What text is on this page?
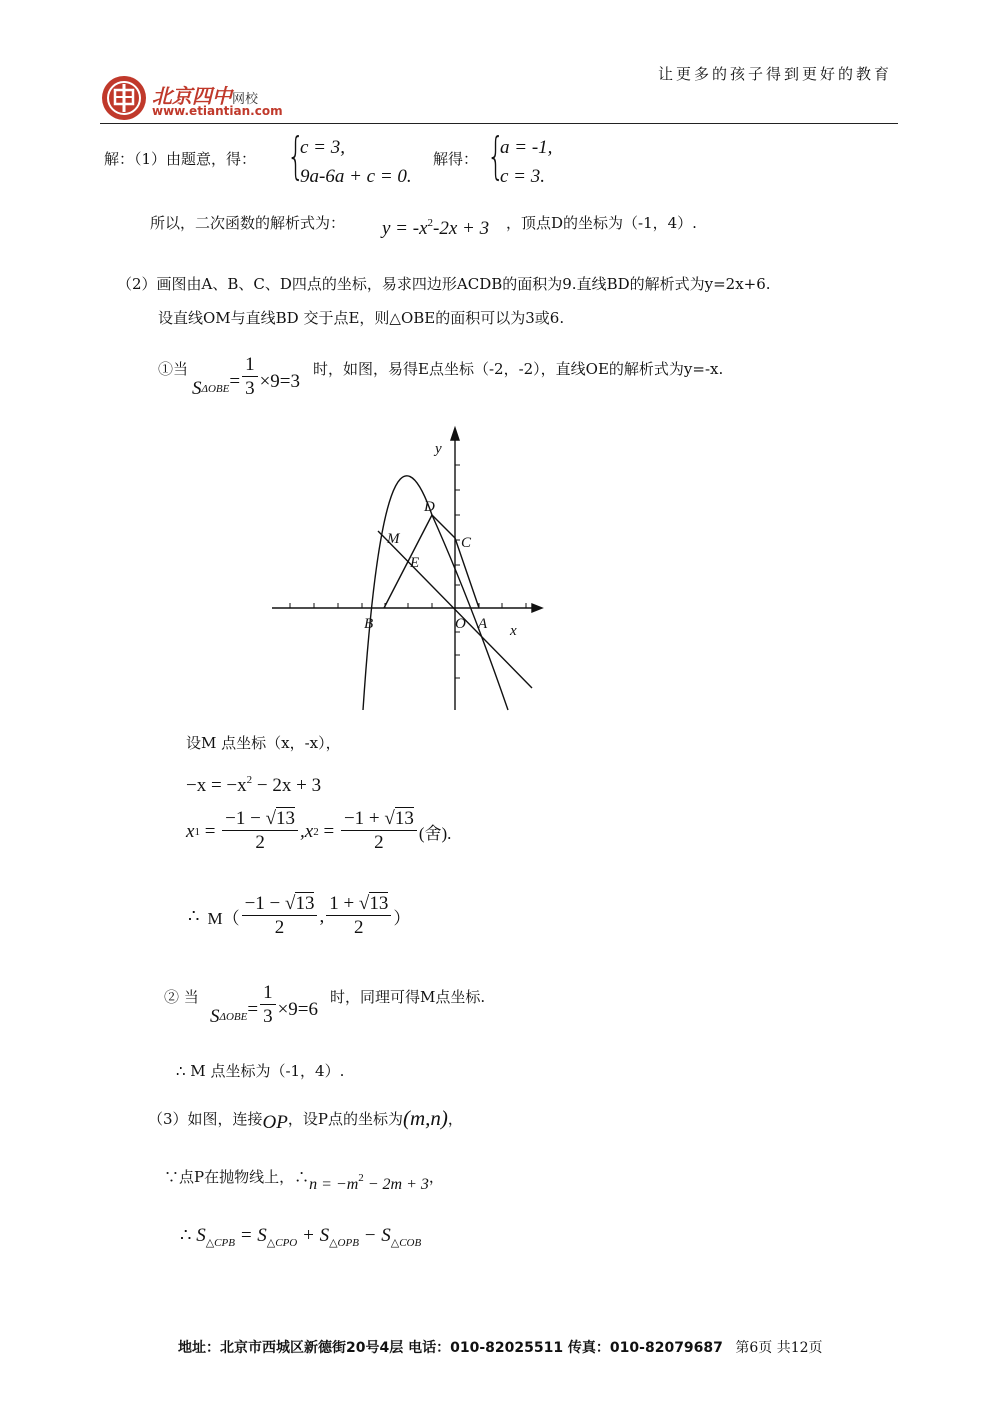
北京四中网校
www.etiantian.com
让更多的孩子得到更好的教育
解：（1）由题意，得： {
c = 3,
9a-6a + c = 0.
解得： {
a = -1,
c = 3.
所以，二次函数的解析式为： $y = -x^2-2x + 3$ ，顶点D的坐标为（-1，4）.
（2）画图由A、B、C、D四点的坐标，易求四边形ACDB的面积为9.直线BD的解析式为y=2x+6.
设直线OM与直线BD 交于点E，则△OBE的面积可以为3或6.
①当
S $\Delta OBE = \frac{1}{3} \times 9=3$
时，如图，易得E点坐标（-2，-2），直线OE的解析式为y=-x.
y
x
D
M	C
E
B	O A
设M 点坐标（x，-x），
$-x = -x^2 - 2x + 3$
x $1 = \frac{-1 - √13}{2} ,x$ $2 = \frac{-1 + √13}{2}$ (舍).
∴ $M( \frac{-1 - √13}{2}$ , $\frac{1 + √13}{2}$ ）
② 当
S $\Delta OBE = \frac{1}{3} \times 9=6$
时，同理可得M点坐标.
∴ M 点坐标为（-1，4）.
（3）如图，连接 OP ，设P点的坐标为 (m,n) ，
∵点P在抛物线上，∴ $n = -m^2 - 2m + 3$ ，
∴ $S_{\triangle CPB} = S_{\triangle CPO} + S_{\triangle OPB} - S_{\triangle COB}$
地址：北京市西城区新德街20号4层 电话：010-82025511 传真：010-82079687 第6页 共12页
